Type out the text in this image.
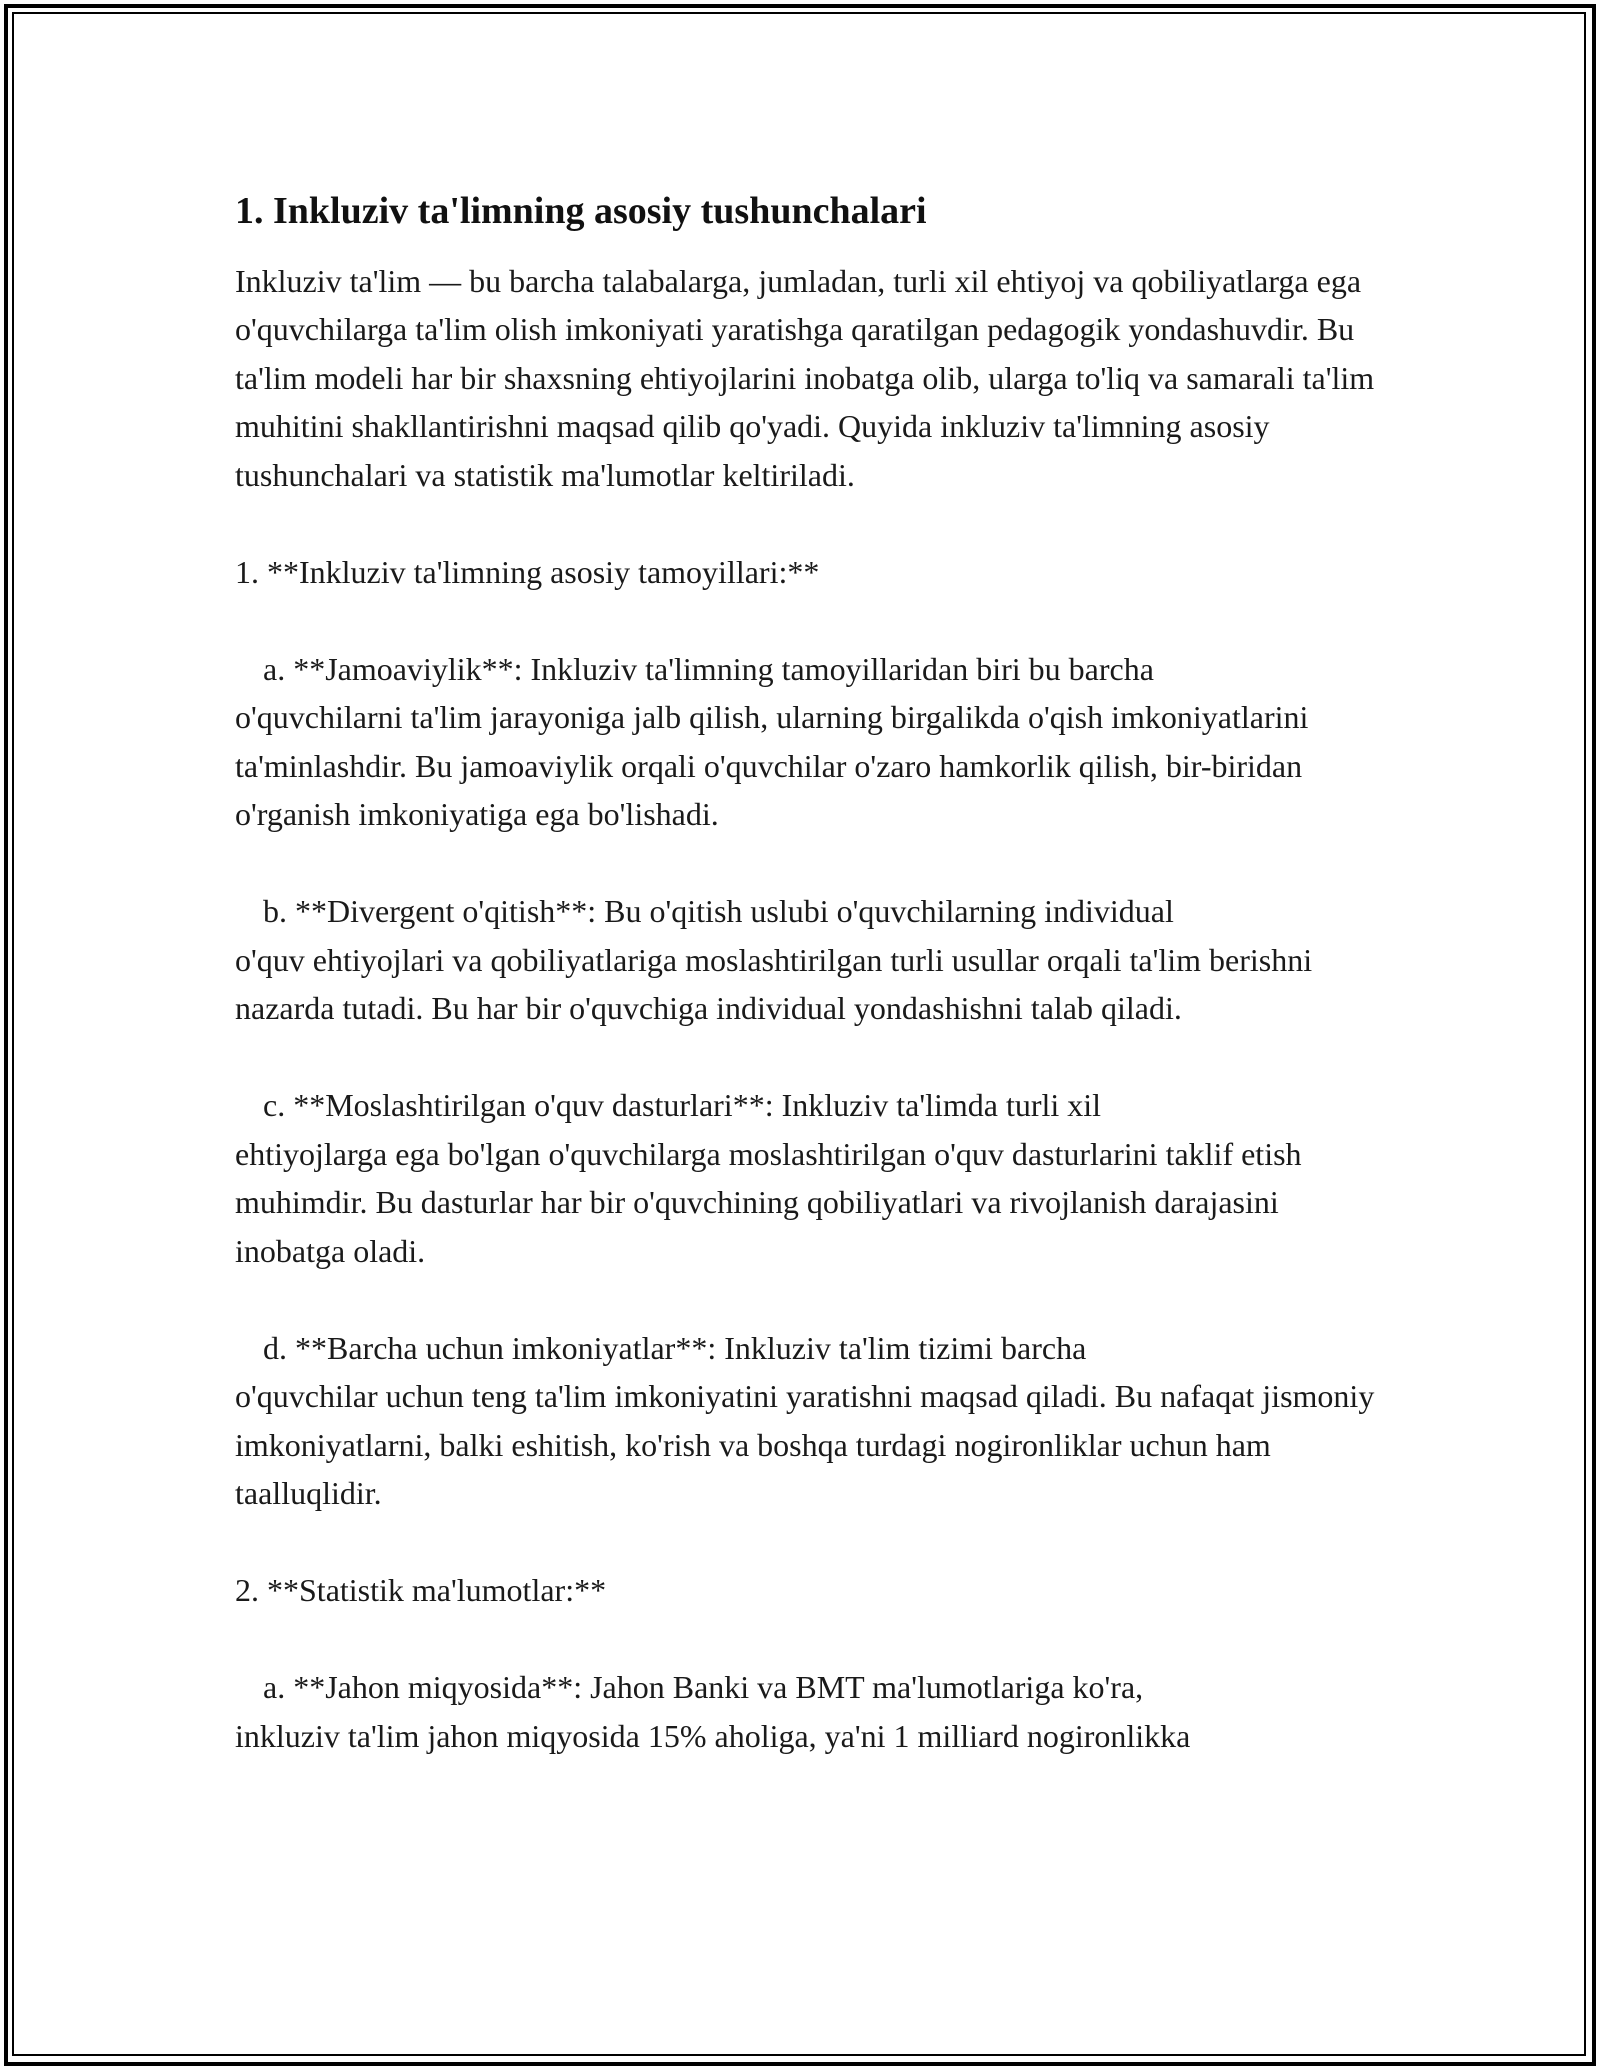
1. Inkluziv ta'limning asosiy tushunchalari

Inkluziv ta'lim — bu barcha talabalarga, jumladan, turli xil ehtiyoj va qobiliyatlarga ega o'quvchilarga ta'lim olish imkoniyati yaratishga qaratilgan pedagogik yondashuvdir. Bu ta'lim modeli har bir shaxsning ehtiyojlarini inobatga olib, ularga to'liq va samarali ta'lim muhitini shakllantirishni maqsad qilib qo'yadi. Quyida inkluziv ta'limning asosiy tushunchalari va statistik ma'lumotlar keltiriladi.

1. **Inkluziv ta'limning asosiy tamoyillari:**

a. **Jamoaviylik**: Inkluziv ta'limning tamoyillaridan biri bu barcha

o'quvchilarni ta'lim jarayoniga jalb qilish, ularning birgalikda o'qish imkoniyatlarini ta'minlashdir. Bu jamoaviylik orqali o'quvchilar o'zaro hamkorlik qilish, bir-biridan o'rganish imkoniyatiga ega bo'lishadi.

b. **Divergent o'qitish**: Bu o'qitish uslubi o'quvchilarning individual

o'quv ehtiyojlari va qobiliyatlariga moslashtirilgan turli usullar orqali ta'lim berishni nazarda tutadi. Bu har bir o'quvchiga individual yondashishni talab qiladi.

c. **Moslashtirilgan o'quv dasturlari**: Inkluziv ta'limda turli xil

ehtiyojlarga ega bo'lgan o'quvchilarga moslashtirilgan o'quv dasturlarini taklif etish muhimdir. Bu dasturlar har bir o'quvchining qobiliyatlari va rivojlanish darajasini inobatga oladi.

d. **Barcha uchun imkoniyatlar**: Inkluziv ta'lim tizimi barcha

o'quvchilar uchun teng ta'lim imkoniyatini yaratishni maqsad qiladi. Bu nafaqat jismoniy imkoniyatlarni, balki eshitish, ko'rish va boshqa turdagi nogironliklar uchun ham taalluqlidir.

2. **Statistik ma'lumotlar:**

a. **Jahon miqyosida**: Jahon Banki va BMT ma'lumotlariga ko'ra,

inkluziv ta'lim jahon miqyosida 15% aholiga, ya'ni 1 milliard nogironlikka
